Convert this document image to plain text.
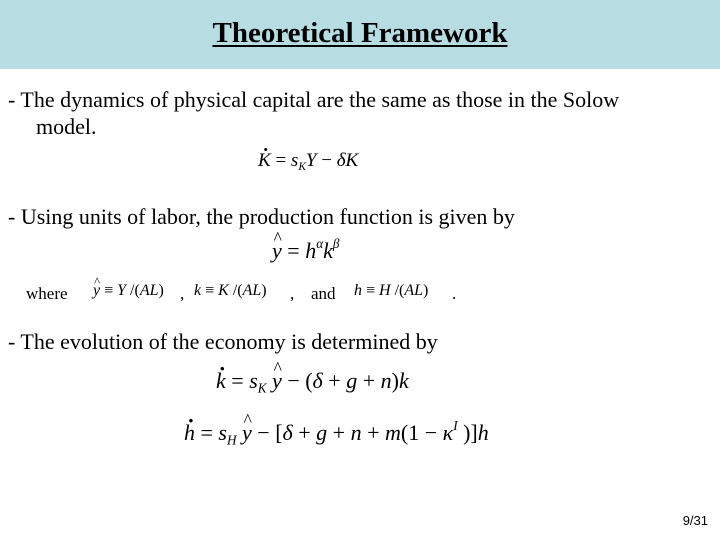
Theoretical Framework
- The dynamics of physical capital are the same as those in the Solow
model.
· $K = s_KY - \delta K$
- Using units of labor, the production function is given by
^ $y = h^\alpha k^\beta$
where ^ y ≡ Y /(AL) , k ≡ K /(AL) , and h ≡ H /(AL) .
- The evolution of the economy is determined by
· $k = s_K$ ^ y − (δ + g + n)k
· $h = s_H$ ^ $y - [\delta + g + n + m(1 - \kappa^I$ )]h
9/31
